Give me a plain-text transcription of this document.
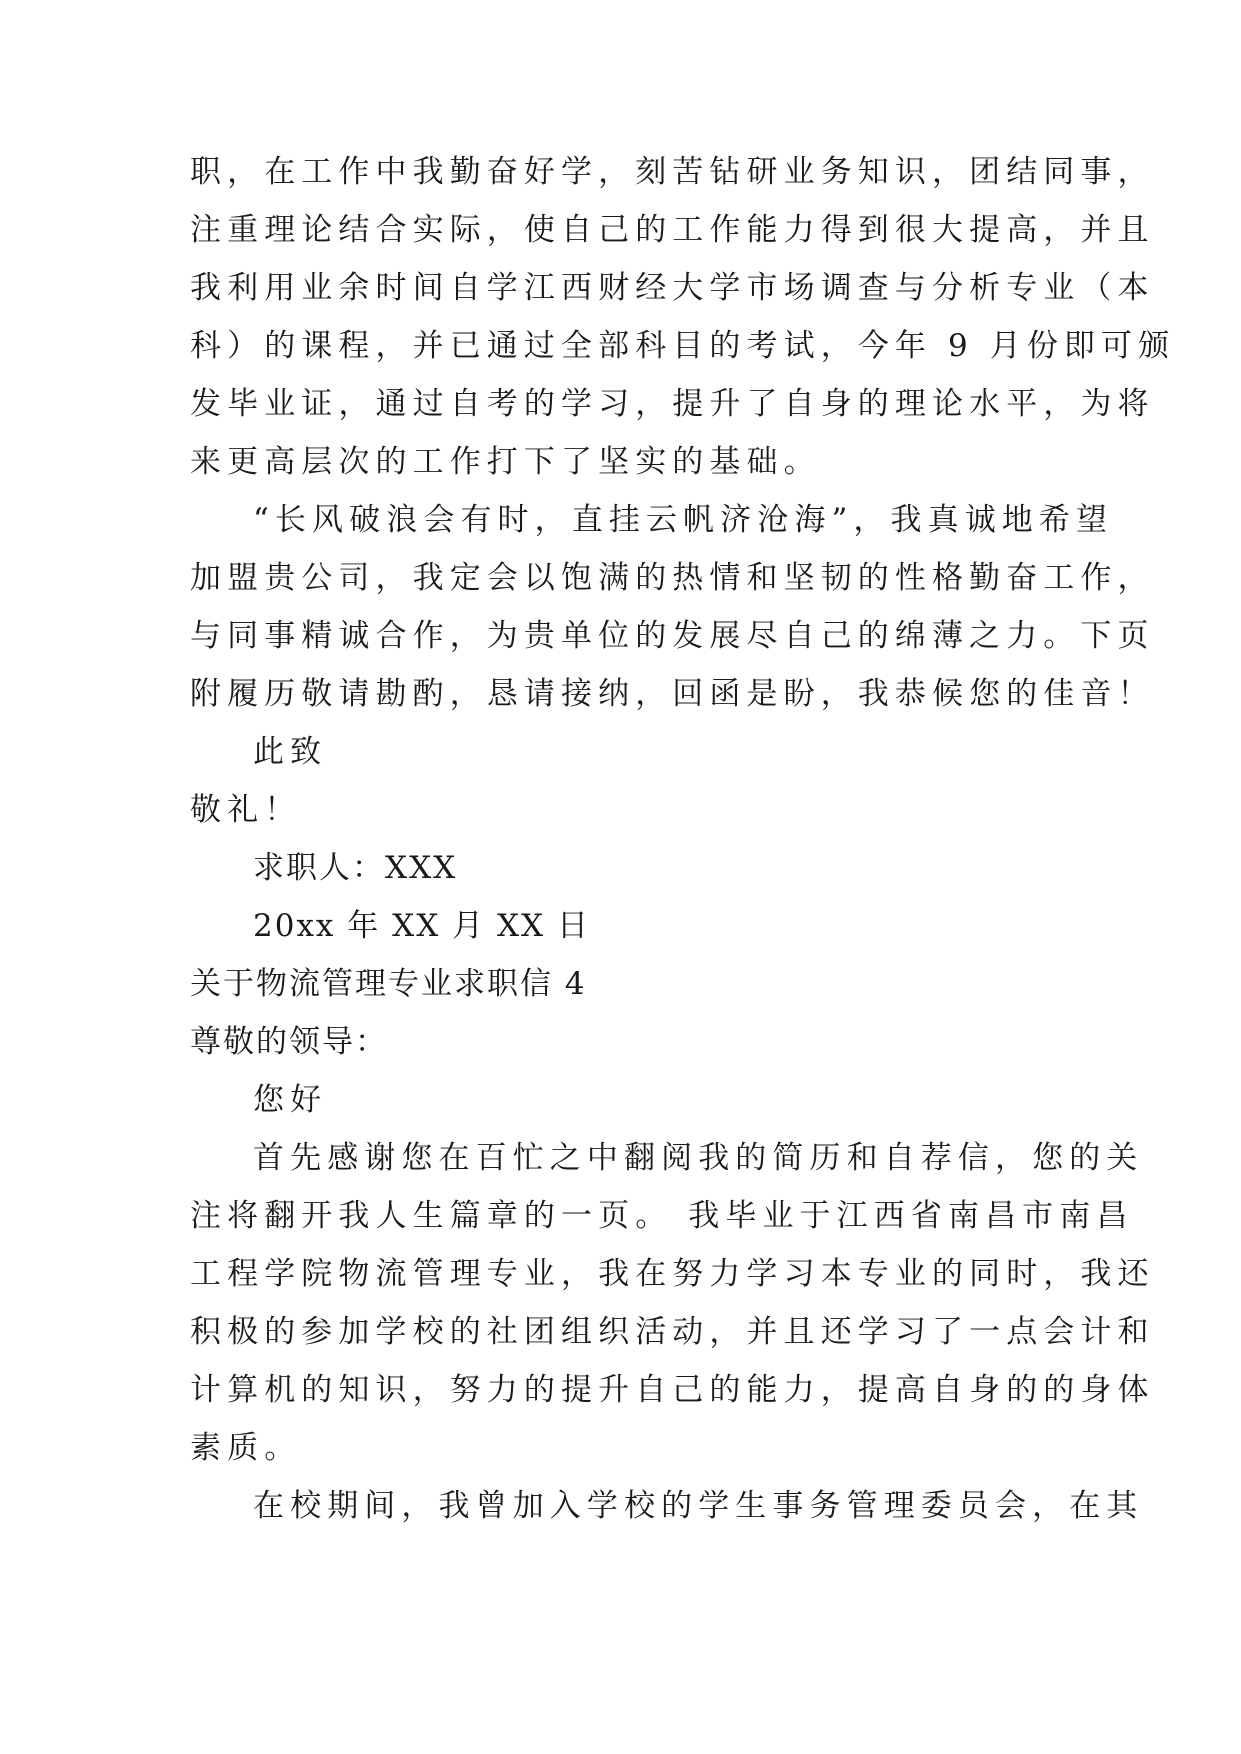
职，在工作中我勤奋好学，刻苦钻研业务知识，团结同事，
注重理论结合实际，使自己的工作能力得到很大提高，并且
我利用业余时间自学江西财经大学市场调查与分析专业（本
科）的课程，并已通过全部科目的考试，今年 9 月份即可颁
发毕业证，通过自考的学习，提升了自身的理论水平，为将
来更高层次的工作打下了坚实的基础。
“长风破浪会有时，直挂云帆济沧海”，我真诚地希望
加盟贵公司，我定会以饱满的热情和坚韧的性格勤奋工作，
与同事精诚合作，为贵单位的发展尽自己的绵薄之力。下页
附履历敬请勘酌，恳请接纳，回函是盼，我恭候您的佳音！
此致
敬礼！
求职人：XXX
20xx 年 XX 月 XX 日
关于物流管理专业求职信 4
尊敬的领导：
您好
首先感谢您在百忙之中翻阅我的简历和自荐信，您的关
注将翻开我人生篇章的一页。 我毕业于江西省南昌市南昌
工程学院物流管理专业，我在努力学习本专业的同时，我还
积极的参加学校的社团组织活动，并且还学习了一点会计和
计算机的知识，努力的提升自己的能力，提高自身的的身体
素质。
在校期间，我曾加入学校的学生事务管理委员会，在其
